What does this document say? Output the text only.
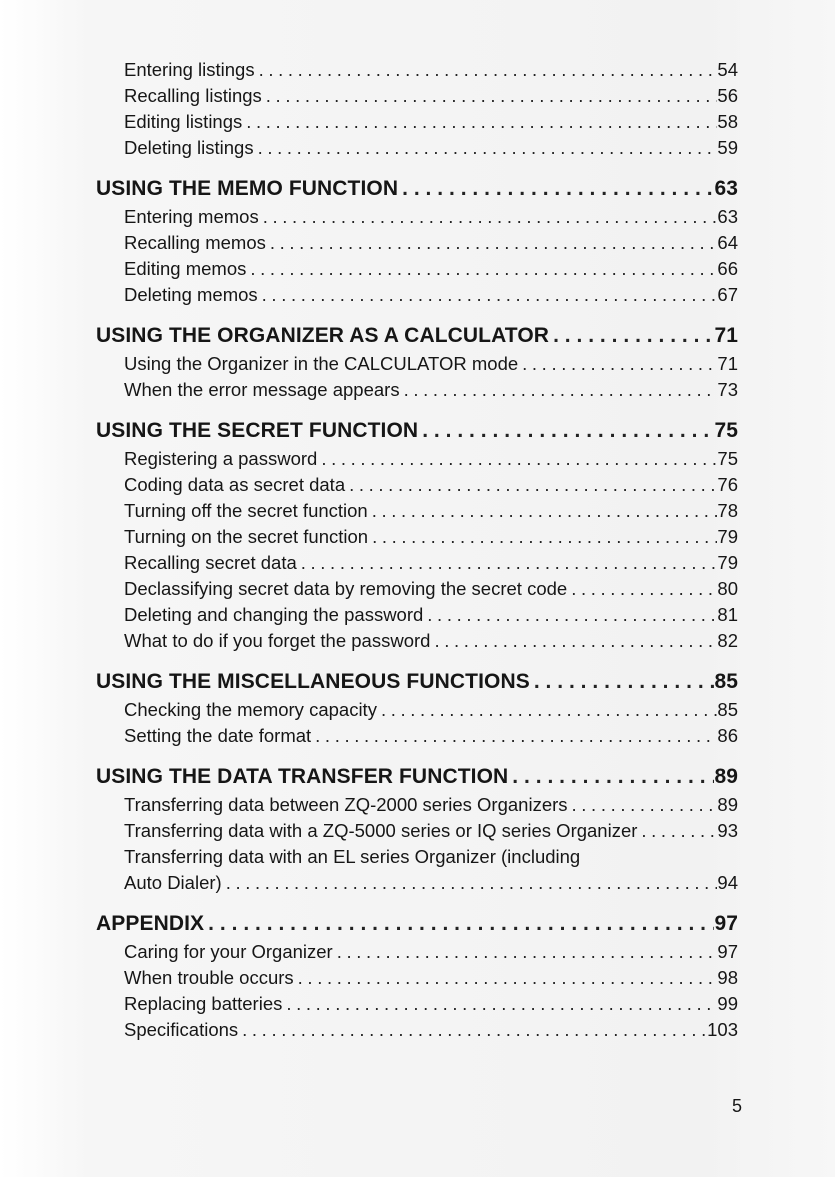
Entering listings .....	54
Recalling listings .....	56
Editing listings .....	58
Deleting listings .....	59
USING THE MEMO FUNCTION .....	63
Entering memos .....	63
Recalling memos .....	64
Editing memos .....	66
Deleting memos .....	67
USING THE ORGANIZER AS A CALCULATOR .....	71
Using the Organizer in the CALCULATOR mode .....	71
When the error message appears .....	73
USING THE SECRET FUNCTION .....	75
Registering a password .....	75
Coding data as secret data .....	76
Turning off the secret function .....	78
Turning on the secret function .....	79
Recalling secret data .....	79
Declassifying secret data by removing the secret code .....	80
Deleting and changing the password .....	81
What to do if you forget the password .....	82
USING THE MISCELLANEOUS FUNCTIONS .....	85
Checking the memory capacity .....	85
Setting the date format .....	86
USING THE DATA TRANSFER FUNCTION .....	89
Transferring data between ZQ-2000 series Organizers .....	89
Transferring data with a ZQ-5000 series or IQ series Organizer .....	93
Transferring data with an EL series Organizer (including
Auto Dialer) .....	94
APPENDIX .....	97
Caring for your Organizer .....	97
When trouble occurs .....	98
Replacing batteries .....	99
Specifications .....	103
5
